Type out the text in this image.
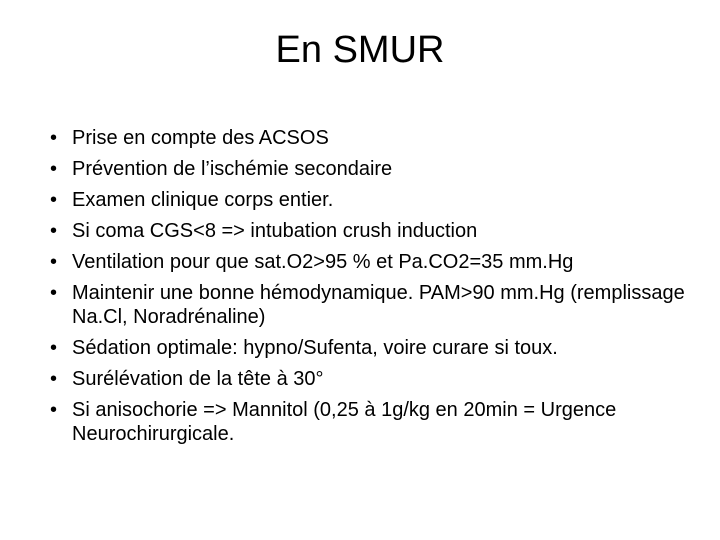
En SMUR
• Prise en compte des ACSOS
• Prévention de l’ischémie secondaire
• Examen clinique corps entier.
• Si coma CGS<8 => intubation crush induction
• Ventilation pour que sat.O2>95 % et Pa.CO2=35 mm.Hg
• Maintenir une bonne hémodynamique. PAM>90 mm.Hg (remplissage Na.Cl, Noradrénaline)
• Sédation optimale: hypno/Sufenta, voire curare si toux.
• Surélévation de la tête à 30°
• Si anisochorie => Mannitol (0,25 à 1g/kg en 20min = Urgence Neurochirurgicale.
